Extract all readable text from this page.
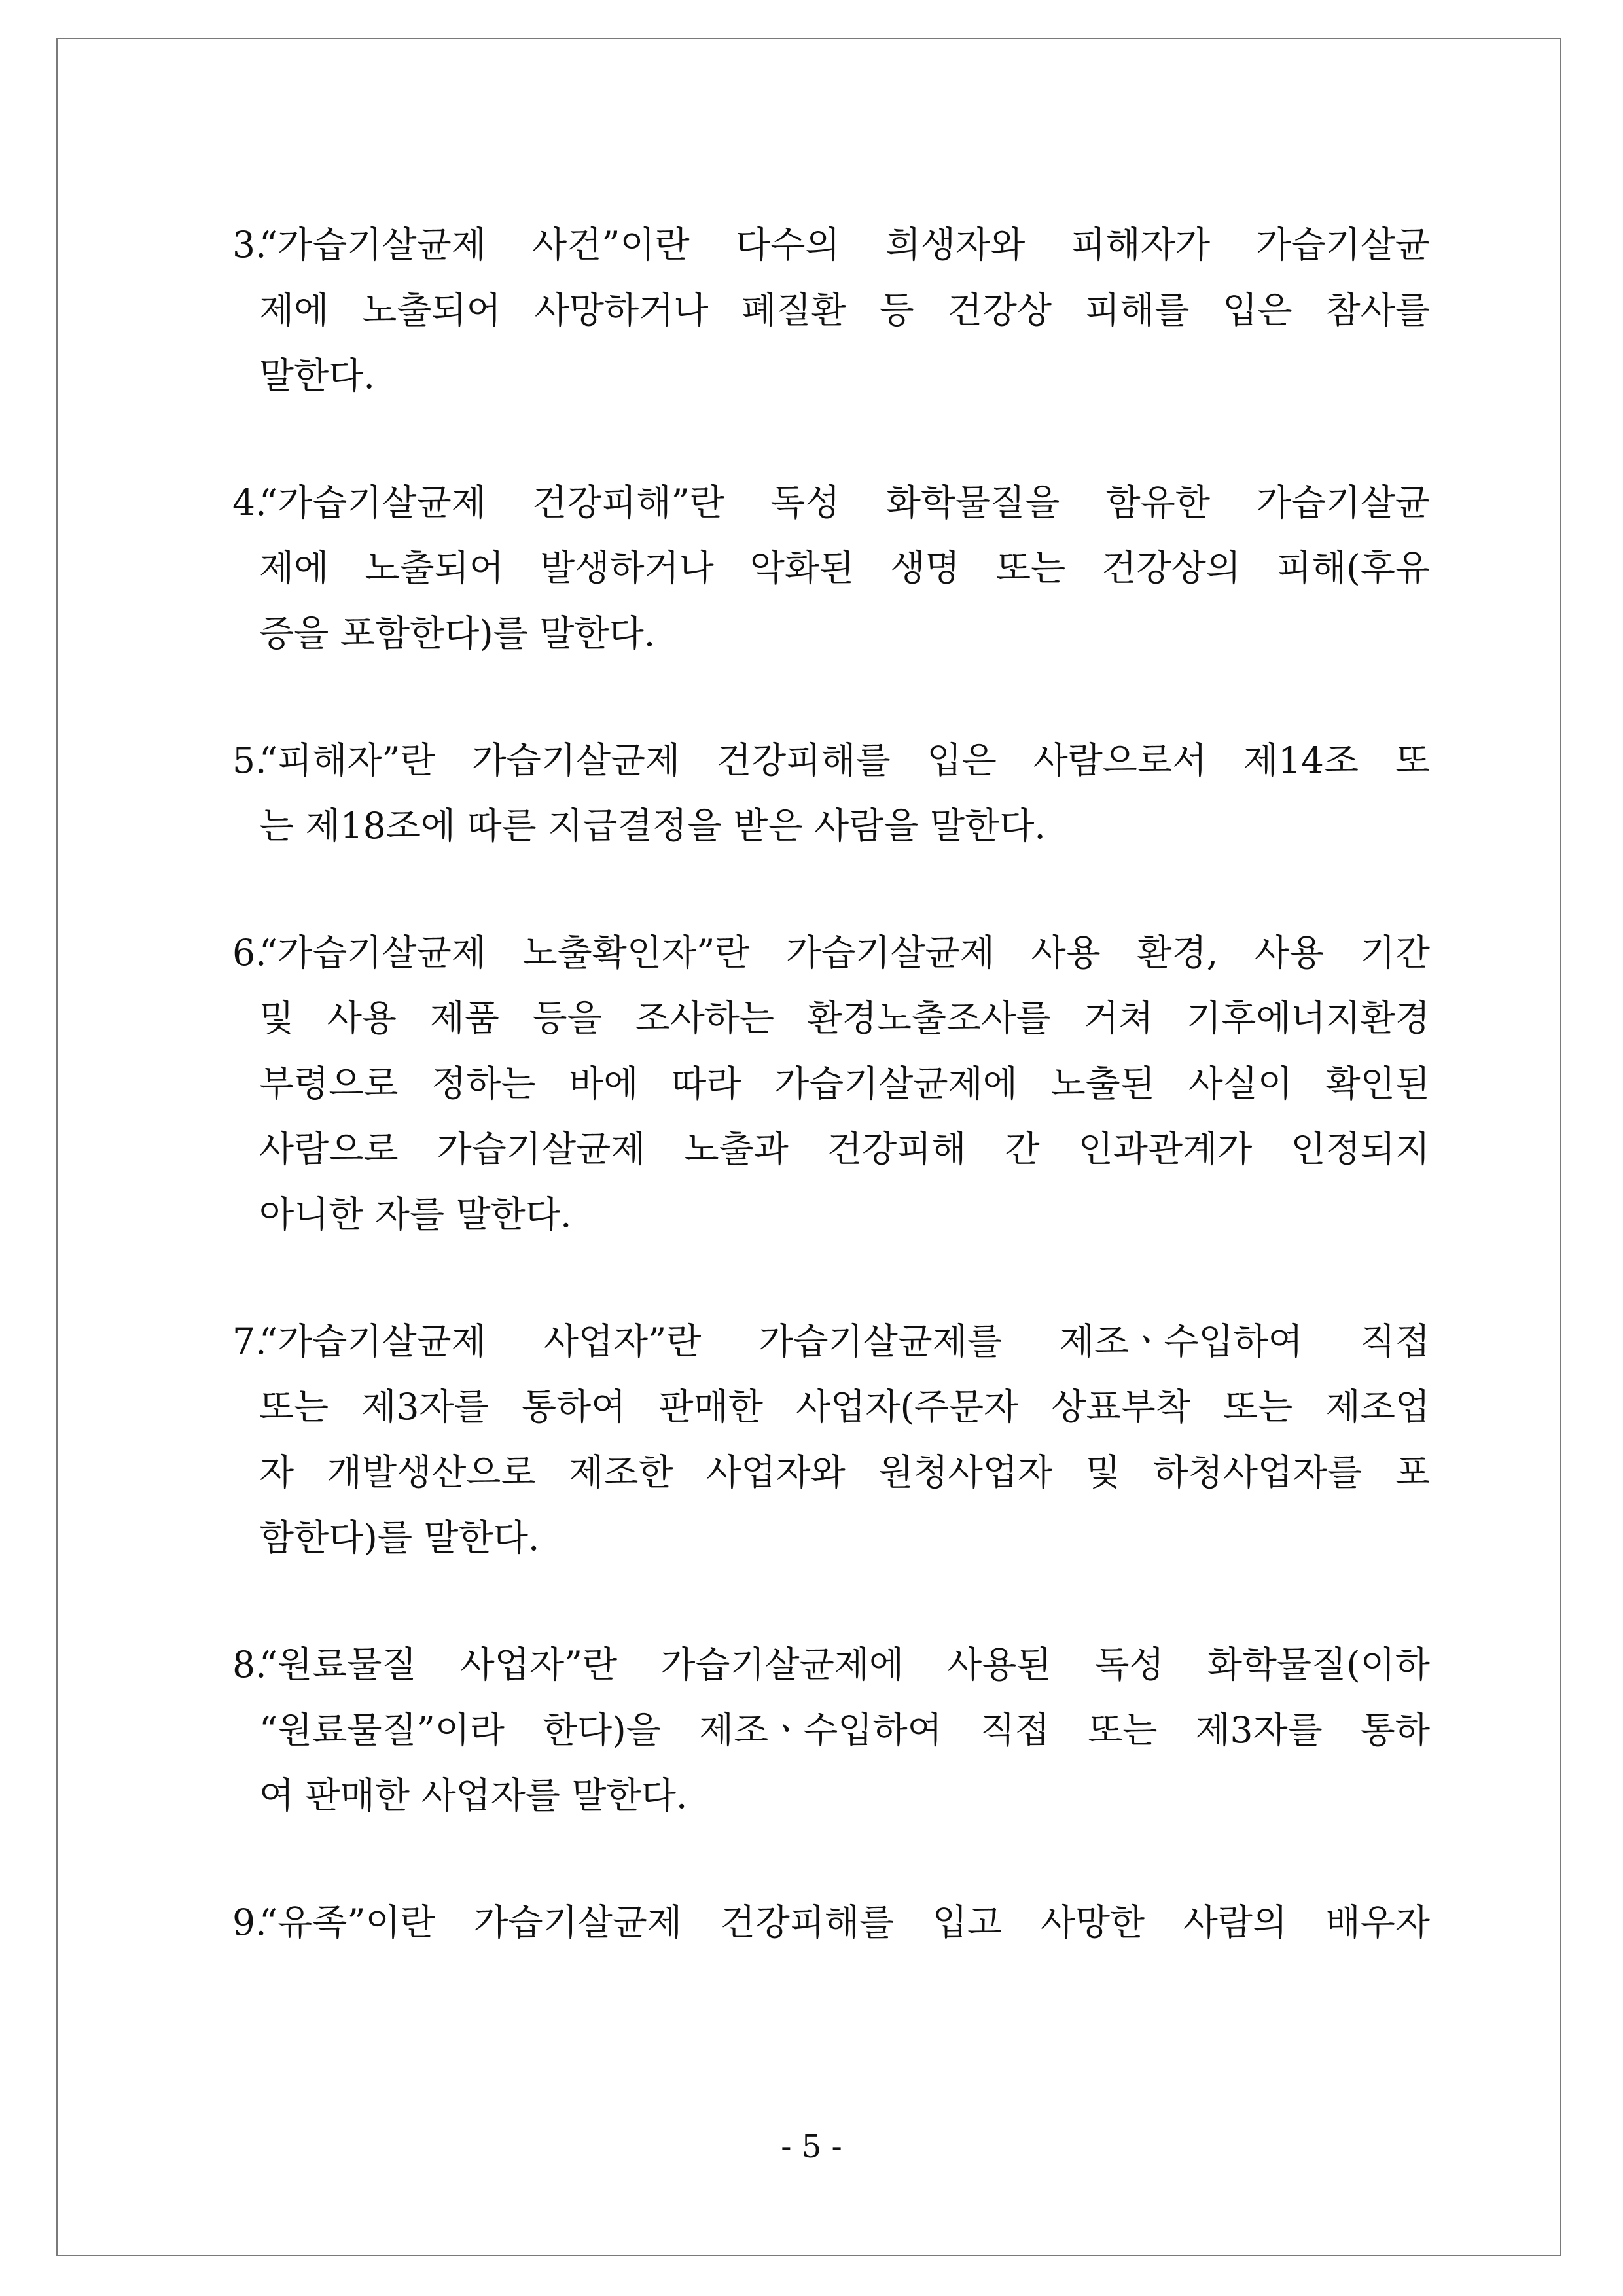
3.
“가습기살균제 사건”이란 다수의 희생자와 피해자가 가습기살균
제에 노출되어 사망하거나 폐질환 등 건강상 피해를 입은 참사를
말한다.
4.
“가습기살균제 건강피해”란 독성 화학물질을 함유한 가습기살균
제에 노출되어 발생하거나 악화된 생명 또는 건강상의 피해(후유
증을 포함한다)를 말한다.
5.
“피해자”란 가습기살균제 건강피해를 입은 사람으로서 제14조 또
는 제18조에 따른 지급결정을 받은 사람을 말한다.
6.
“가습기살균제 노출확인자”란 가습기살균제 사용 환경, 사용 기간
및 사용 제품 등을 조사하는 환경노출조사를 거쳐 기후에너지환경
부령으로 정하는 바에 따라 가습기살균제에 노출된 사실이 확인된
사람으로 가습기살균제 노출과 건강피해 간 인과관계가 인정되지
아니한 자를 말한다.
7.
“가습기살균제 사업자”란 가습기살균제를 제조ㆍ수입하여 직접
또는 제3자를 통하여 판매한 사업자(주문자 상표부착 또는 제조업
자 개발생산으로 제조한 사업자와 원청사업자 및 하청사업자를 포
함한다)를 말한다.
8.
“원료물질 사업자”란 가습기살균제에 사용된 독성 화학물질(이하
“원료물질”이라 한다)을 제조ㆍ수입하여 직접 또는 제3자를 통하
여 판매한 사업자를 말한다.
9.
“유족”이란 가습기살균제 건강피해를 입고 사망한 사람의 배우자
- 5 -
